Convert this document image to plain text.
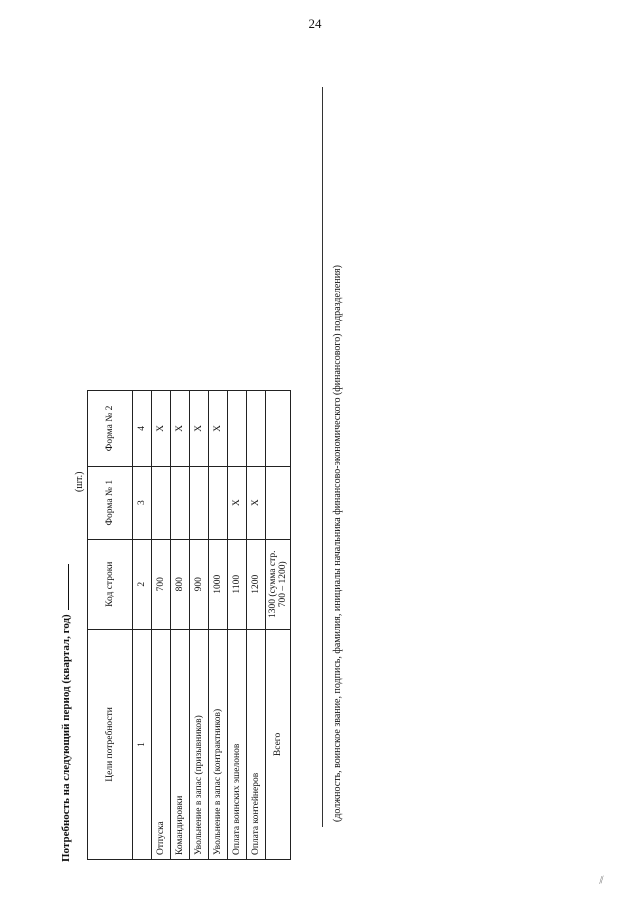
24
Потребность на следующий период (квартал, год)
(шт.)
Цели потребности	Код строки	Форма № 1	Форма № 2
1	2	3	4
Отпуска	700		Х
Командировки	800		Х
Увольнение в запас (призывников)	900		Х
Увольнение в запас (контрактников)	1000		Х
Оплата воинских эшелонов	1100	Х	
Оплата контейнеров	1200	Х	
Всего	1300 (сумма стр. 700 – 1200)			(должность, воинское звание, подпись, фамилия, инициалы начальника финансово-экономического (финансового) подразделения)
⁄⁄
